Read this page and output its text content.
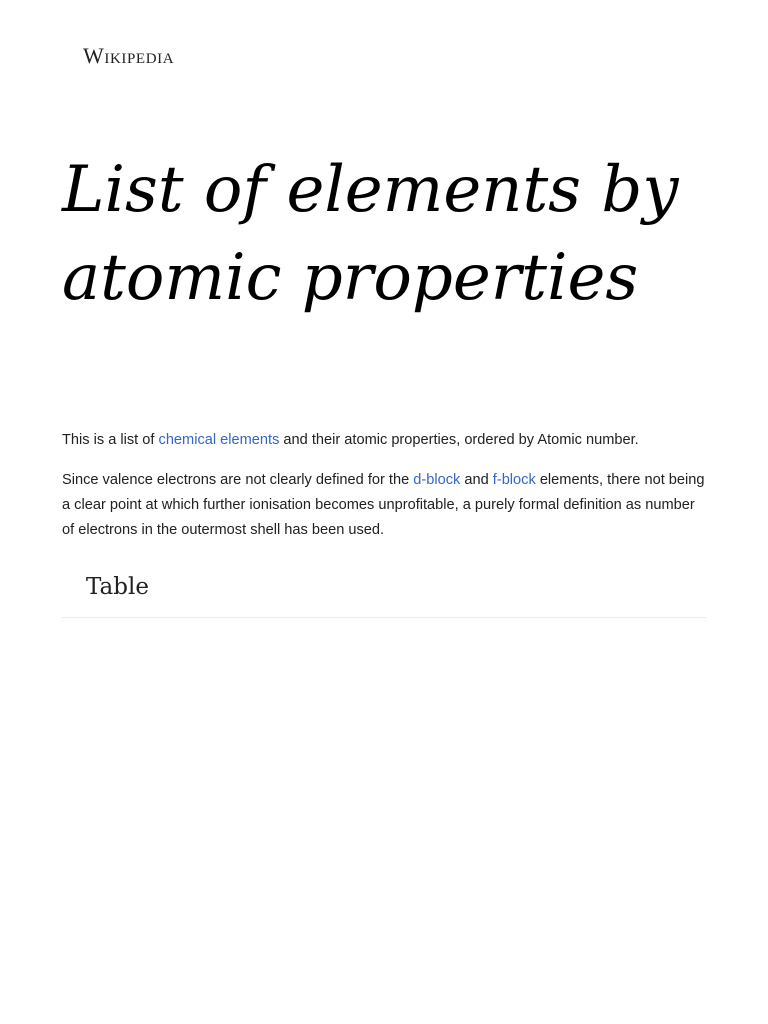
Wikipedia
List of elements by atomic properties

This is a list of chemical elements and their atomic properties, ordered by Atomic number.

Since valence electrons are not clearly defined for the d-block and f-block elements, there not being a clear point at which further ionisation becomes unprofitable, a purely formal definition as number of electrons in the outermost shell has been used.

Table
